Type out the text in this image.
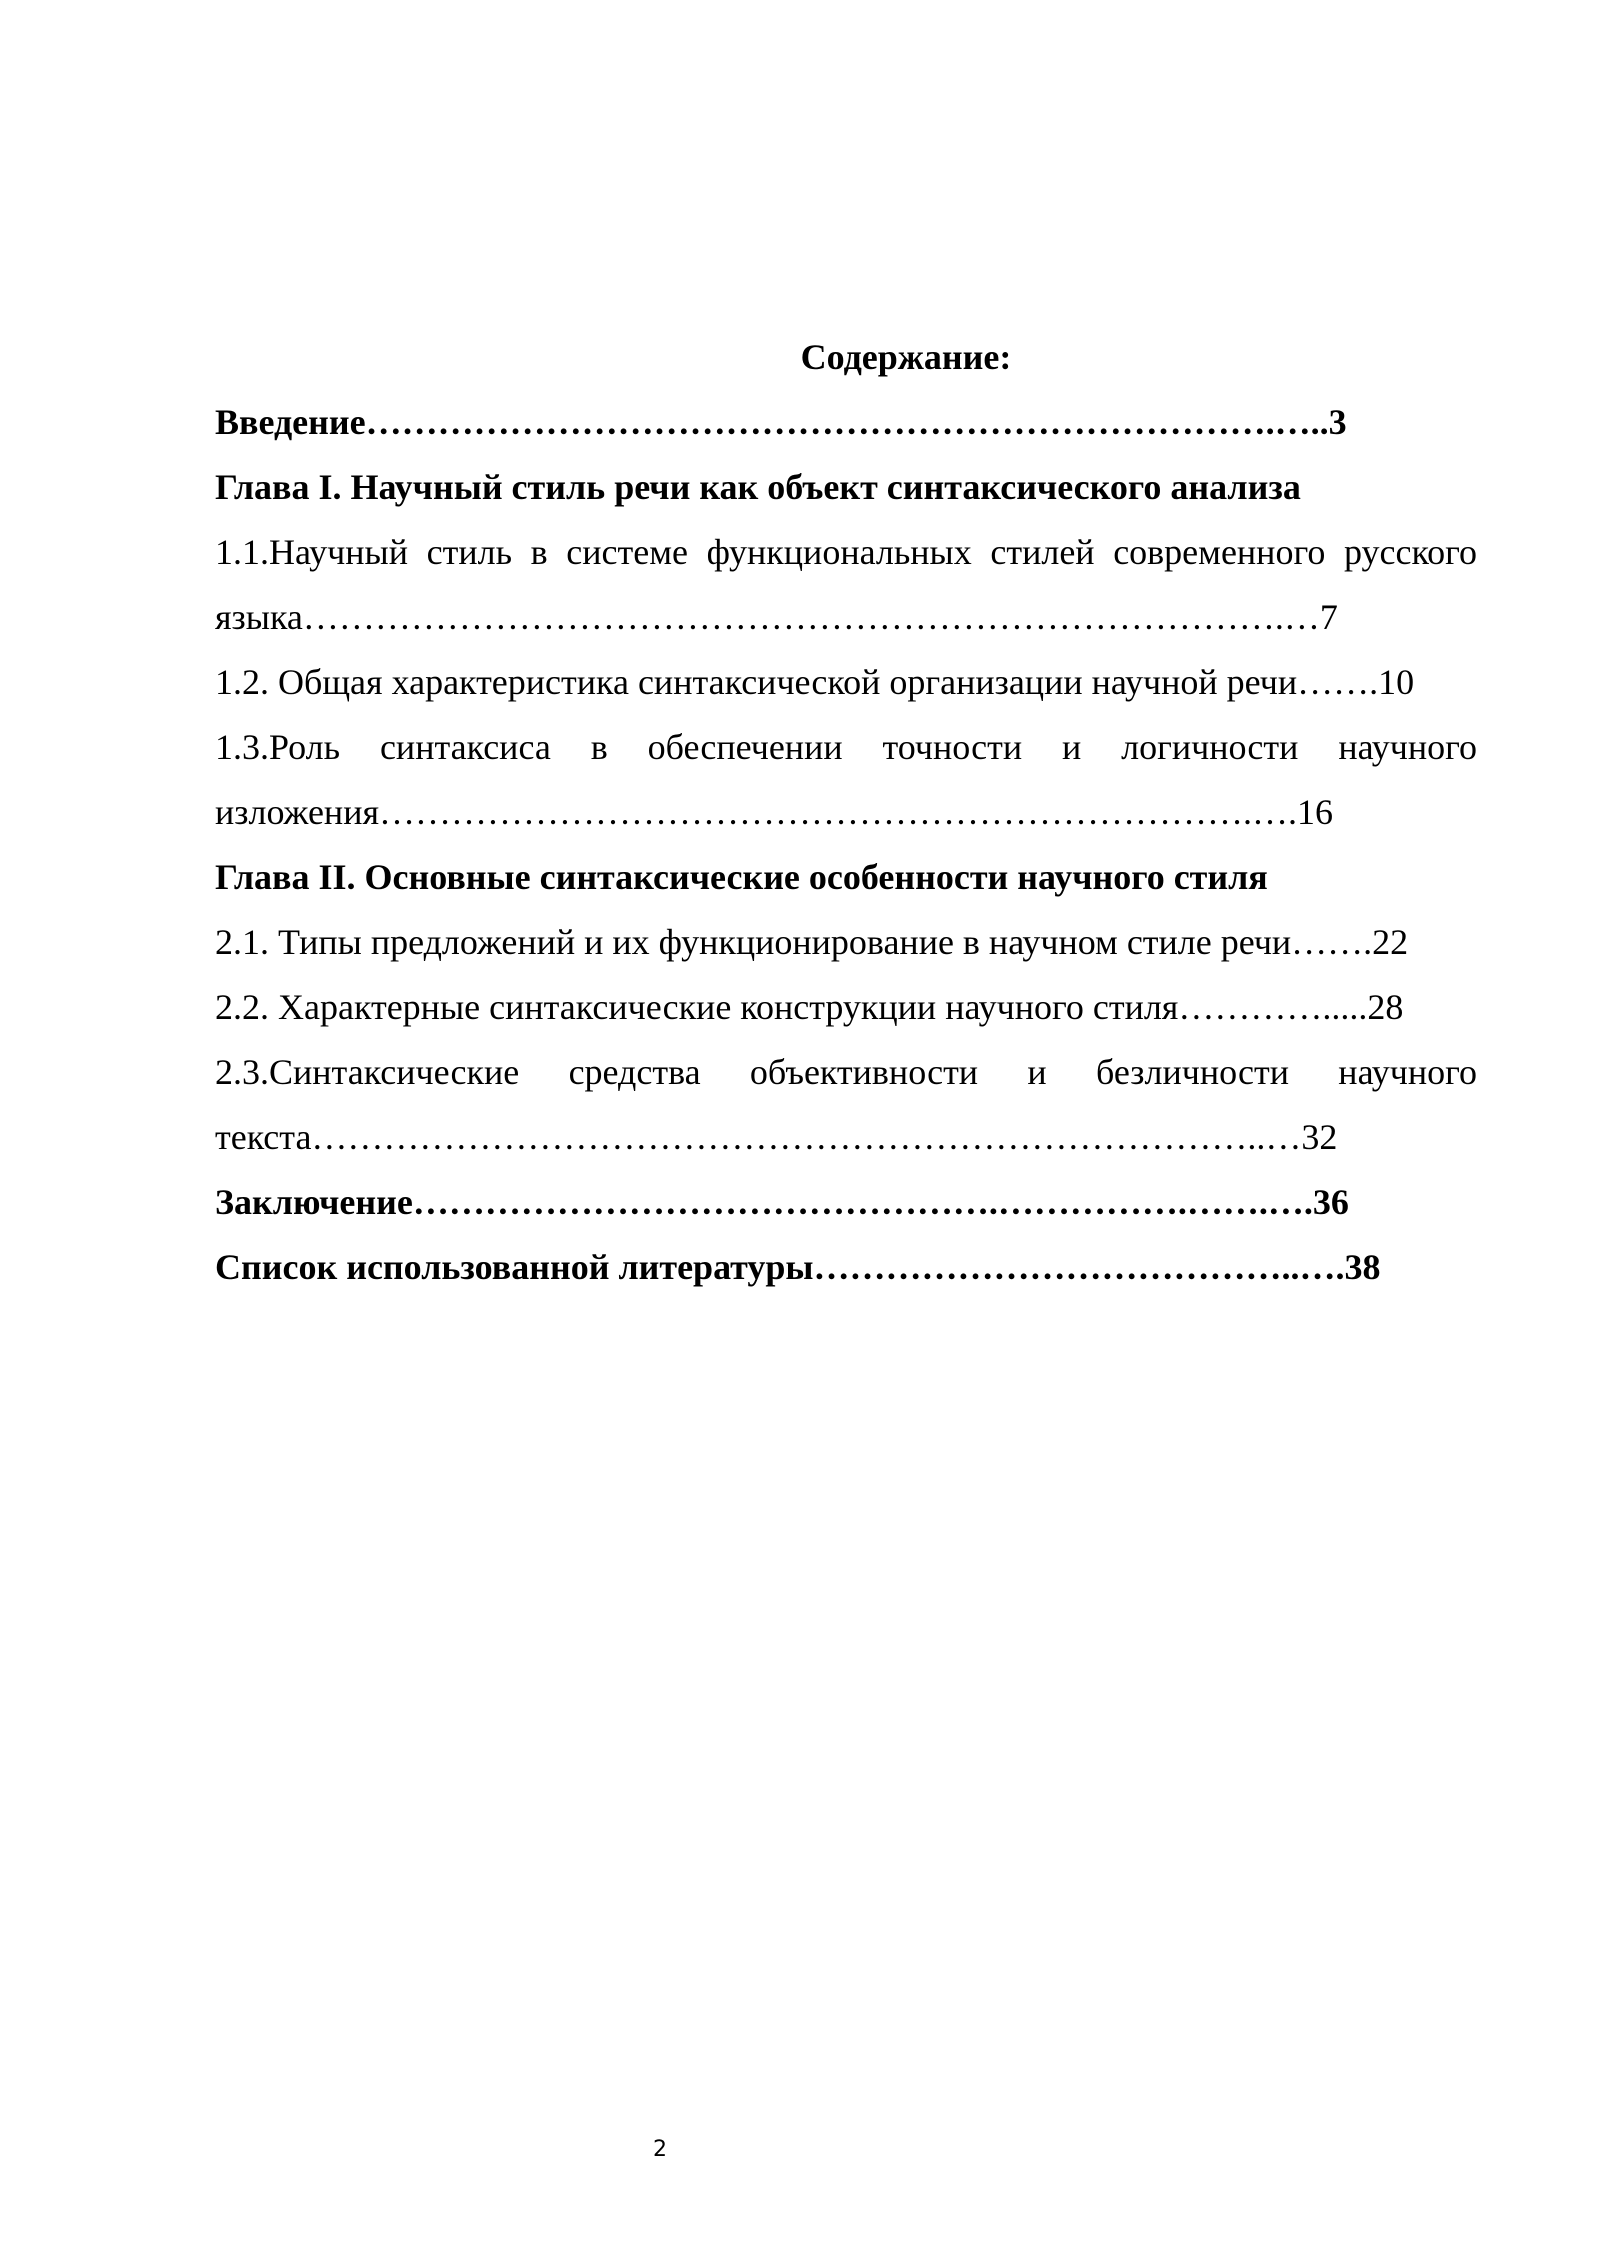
Содержание:
Введение………………………………………………………………….…..3
Глава I. Научный стиль речи как объект синтаксического анализа
1.1.Научный стиль в системе функциональных стилей современного русского
языка……………………………………………………………………….…7
1.2. Общая характеристика синтаксической организации научной речи…….10
1.3.Роль синтаксиса в обеспечении точности и логичности научного
изложения……………………………………………………………….….16
Глава II. Основные синтаксические особенности научного стиля
2.1. Типы предложений и их функционирование в научном стиле речи…….22
2.2. Характерные синтаксические конструкции научного стиля………….....28
2.3.Синтаксические средства объективности и безличности научного
текста……………………………………………………………………..…32
Заключение………………………………………….…………….…….….36
Список использованной литературы…………………………………..….38
2
